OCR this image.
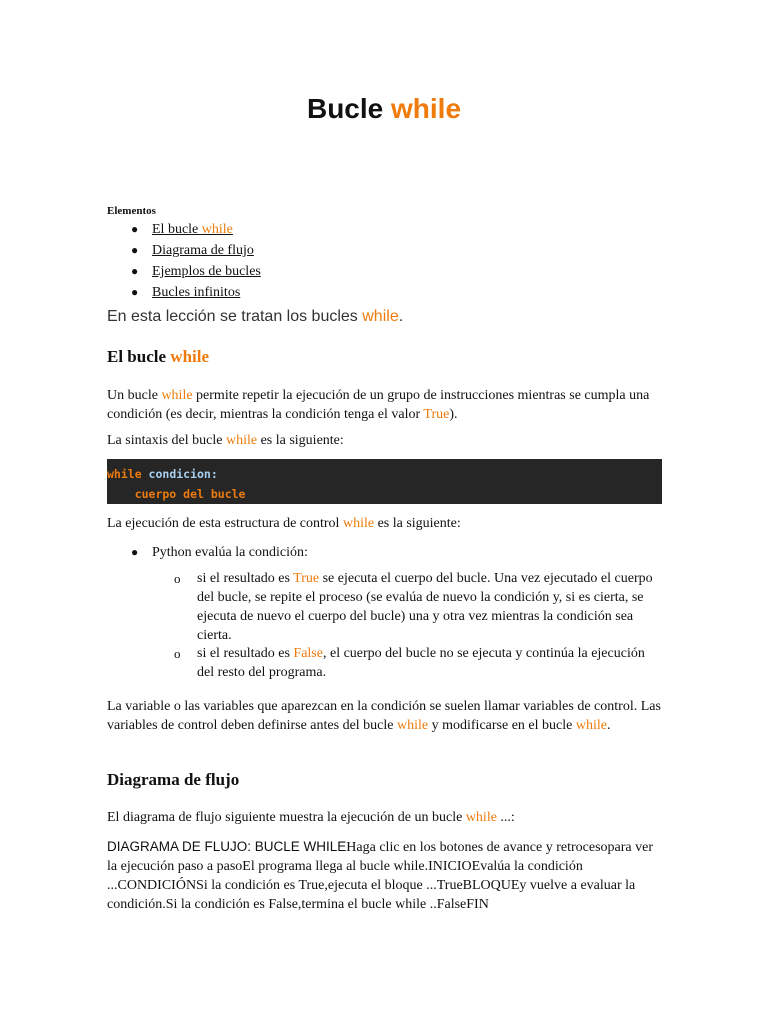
Bucle while

Elementos

● El bucle while
● Diagrama de flujo
● Ejemplos de bucles
● Bucles infinitos

En esta lección se tratan los bucles while.

El bucle while

Un bucle while permite repetir la ejecución de un grupo de instrucciones mientras se cumpla una condición (es decir, mientras la condición tenga el valor True).

La sintaxis del bucle while es la siguiente:

while condicion:
cuerpo del bucle

La ejecución de esta estructura de control while es la siguiente:

● Python evalúa la condición:
o si el resultado es True se ejecuta el cuerpo del bucle. Una vez ejecutado el cuerpo del bucle, se repite el proceso (se evalúa de nuevo la condición y, si es cierta, se ejecuta de nuevo el cuerpo del bucle) una y otra vez mientras la condición sea cierta.
o si el resultado es False, el cuerpo del bucle no se ejecuta y continúa la ejecución del resto del programa.

La variable o las variables que aparezcan en la condición se suelen llamar variables de control. Las variables de control deben definirse antes del bucle while y modificarse en el bucle while.

Diagrama de flujo

El diagrama de flujo siguiente muestra la ejecución de un bucle while ...:

DIAGRAMA DE FLUJO: BUCLE WHILEHaga clic en los botones de avance y retrocesopara ver la ejecución paso a pasoEl programa llega al bucle while.INICIOEvalúa la condición ...CONDICIÓNSi la condición es True,ejecuta el bloque ...TrueBLOQUEy vuelve a evaluar la condición.Si la condición es False,termina el bucle while ..FalseFIN
